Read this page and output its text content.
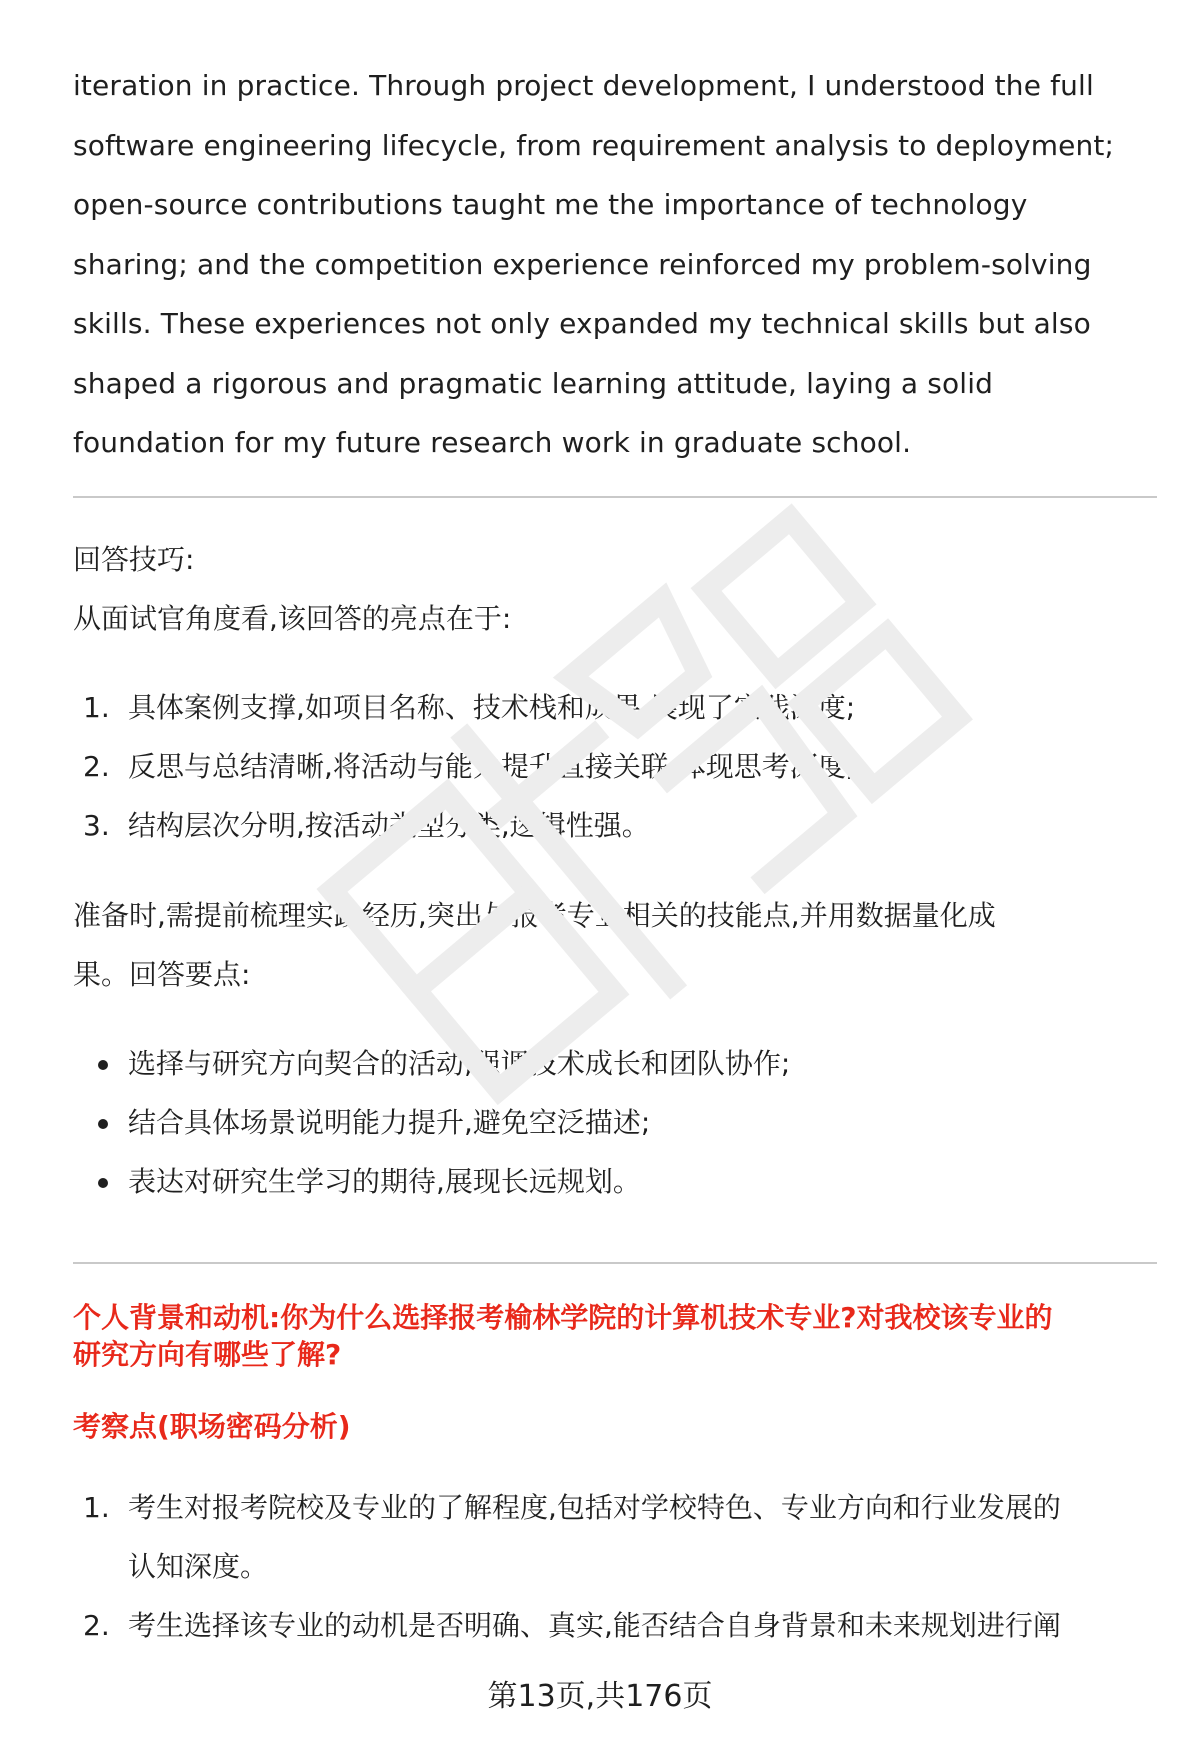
iteration in practice. Through project development, I understood the full
software engineering lifecycle, from requirement analysis to deployment;
open-source contributions taught me the importance of technology
sharing; and the competition experience reinforced my problem-solving
skills. These experiences not only expanded my technical skills but also
shaped a rigorous and pragmatic learning attitude, laying a solid
foundation for my future research work in graduate school.
回答技巧:
从面试官角度看,该回答的亮点在于:
1. 具体案例支撑,如项目名称、技术栈和成果,展现了实践深度;
2. 反思与总结清晰,将活动与能力提升直接关联,体现思考深度;
3. 结构层次分明,按活动类型分类,逻辑性强。
准备时,需提前梳理实践经历,突出与报考专业相关的技能点,并用数据量化成
果。回答要点:
选择与研究方向契合的活动,强调技术成长和团队协作;
结合具体场景说明能力提升,避免空泛描述;
表达对研究生学习的期待,展现长远规划。
个人背景和动机:你为什么选择报考榆林学院的计算机技术专业?对我校该专业的
研究方向有哪些了解?
考察点(职场密码分析)
1. 考生对报考院校及专业的了解程度,包括对学校特色、专业方向和行业发展的
认知深度。
2. 考生选择该专业的动机是否明确、真实,能否结合自身背景和未来规划进行阐
第13页,共176页
